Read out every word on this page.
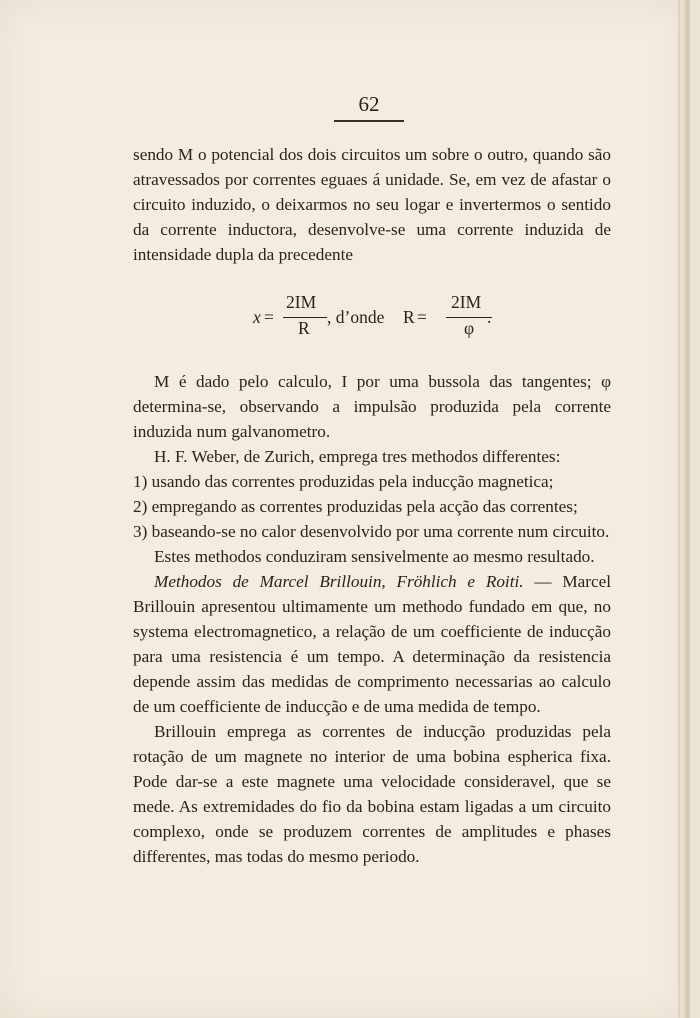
62

sendo M o potencial dos dois circuitos um sobre o outro, quando são atravessados por correntes eguaes á unidade. Se, em vez de afastar o circuito induzido, o deixarmos no seu logar e invertermos o sentido da corrente inductora, desenvolve-se uma corrente induzida de intensidade dupla da precedente

x =
2IM
R
, d’onde R =
2IM
φ
.

M é dado pelo calculo, I por uma bussola das tangentes; φ determina-se, observando a impulsão produzida pela corrente induzida num galvanometro.

H. F. Weber, de Zurich, emprega tres methodos differentes:

1) usando das correntes produzidas pela inducção magnetica;

2) empregando as correntes produzidas pela acção das correntes;

3) baseando-se no calor desenvolvido por uma corrente num circuito.

Estes methodos conduziram sensivelmente ao mesmo resultado.

Methodos de Marcel Brillouin, Fröhlich e Roiti. — Marcel Brillouin apresentou ultimamente um methodo fundado em que, no systema electromagnetico, a relação de um coefficiente de inducção para uma resistencia é um tempo. A determinação da resistencia depende assim das medidas de comprimento necessarias ao calculo de um coefficiente de inducção e de uma medida de tempo.

Brillouin emprega as correntes de inducção produzidas pela rotação de um magnete no interior de uma bobina espherica fixa. Pode dar-se a este magnete uma velocidade consideravel, que se mede. As extremidades do fio da bobina estam ligadas a um circuito complexo, onde se produzem correntes de amplitudes e phases differentes, mas todas do mesmo periodo.
